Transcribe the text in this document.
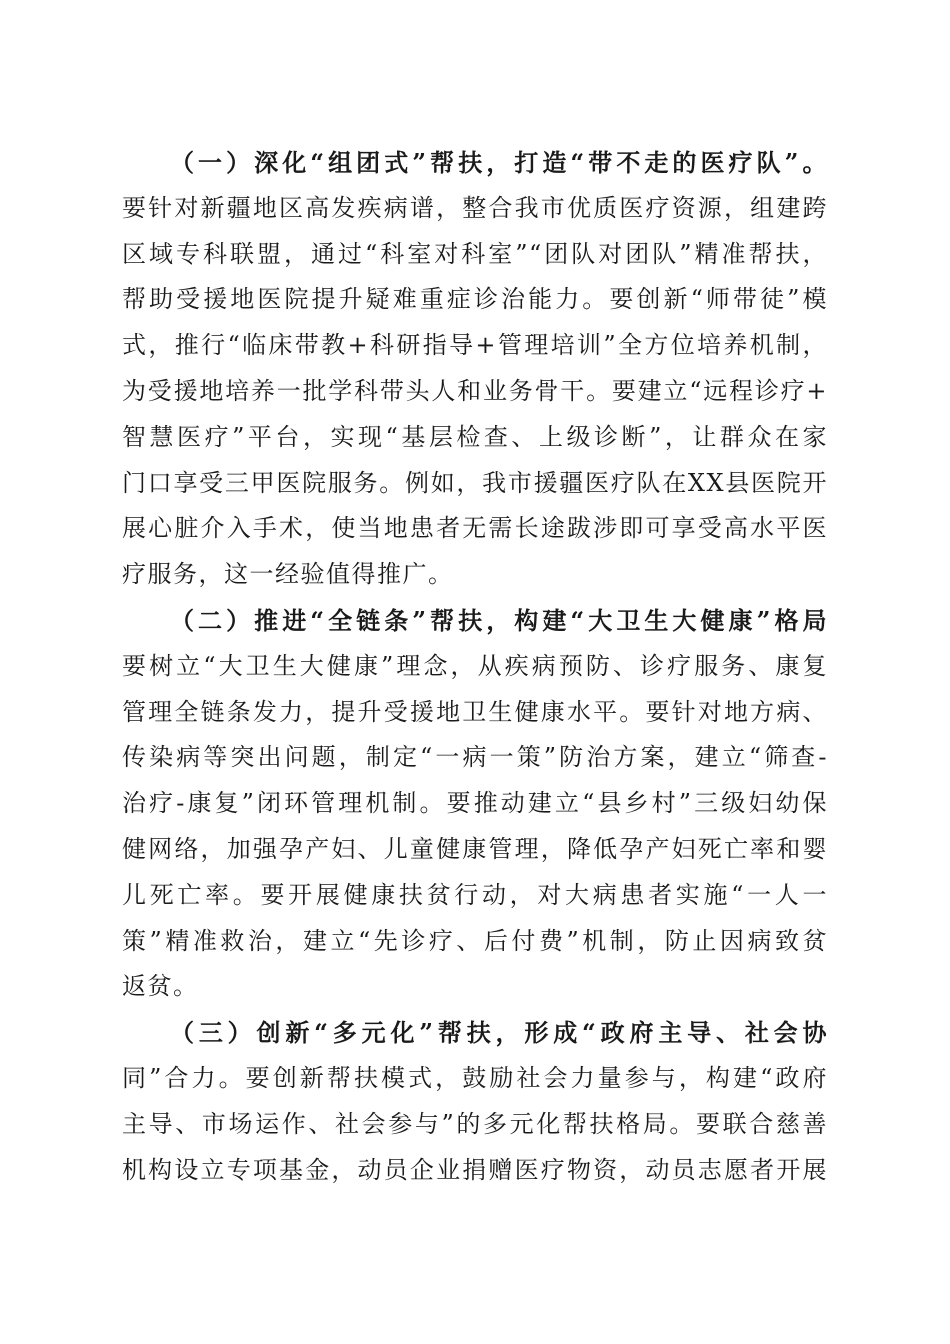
（一）深化“组团式”帮扶，打造“带不走的医疗队”。
要针对新疆地区高发疾病谱，整合我市优质医疗资源，组建跨
区域专科联盟，通过“科室对科室”“团队对团队”精准帮扶，
帮助受援地医院提升疑难重症诊治能力。要创新“师带徒”模
式，推行“临床带教+科研指导+管理培训”全方位培养机制，
为受援地培养一批学科带头人和业务骨干。要建立“远程诊疗+
智慧医疗”平台，实现“基层检查、上级诊断”，让群众在家
门口享受三甲医院服务。例如，我市援疆医疗队在XX县医院开
展心脏介入手术，使当地患者无需长途跋涉即可享受高水平医
疗服务，这一经验值得推广。
（二）推进“全链条”帮扶，构建“大卫生大健康”格局
要树立“大卫生大健康”理念，从疾病预防、诊疗服务、康复
管理全链条发力，提升受援地卫生健康水平。要针对地方病、
传染病等突出问题，制定“一病一策”防治方案，建立“筛查-
治疗-康复”闭环管理机制。要推动建立“县乡村”三级妇幼保
健网络，加强孕产妇、儿童健康管理，降低孕产妇死亡率和婴
儿死亡率。要开展健康扶贫行动，对大病患者实施“一人一
策”精准救治，建立“先诊疗、后付费”机制，防止因病致贫
返贫。
（三）创新“多元化”帮扶，形成“政府主导、社会协
同”合力。要创新帮扶模式，鼓励社会力量参与，构建“政府
主导、市场运作、社会参与”的多元化帮扶格局。要联合慈善
机构设立专项基金，动员企业捐赠医疗物资，动员志愿者开展
